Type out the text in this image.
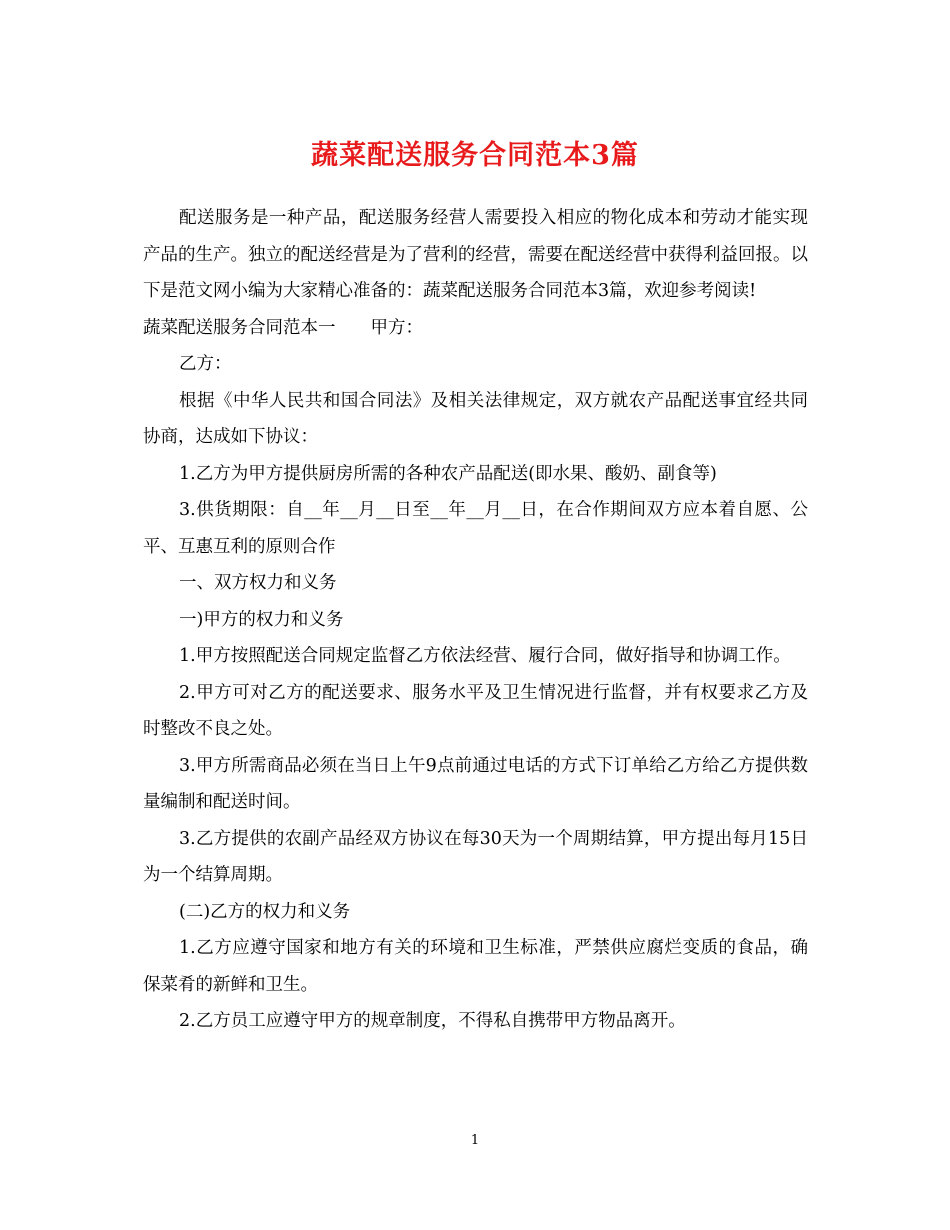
蔬菜配送服务合同范本3篇

配送服务是一种产品，配送服务经营人需要投入相应的物化成本和劳动才能实现产品的生产。独立的配送经营是为了营利的经营，需要在配送经营中获得利益回报。以下是范文网小编为大家精心准备的：蔬菜配送服务合同范本3篇，欢迎参考阅读!

蔬菜配送服务合同范本一　　甲方：

乙方：

根据《中华人民共和国合同法》及相关法律规定，双方就农产品配送事宜经共同协商，达成如下协议：

1.乙方为甲方提供厨房所需的各种农产品配送(即水果、酸奶、副食等)

3.供货期限：自__年__月__日至__年__月__日，在合作期间双方应本着自愿、公平、互惠互利的原则合作

一、双方权力和义务

一)甲方的权力和义务

1.甲方按照配送合同规定监督乙方依法经营、履行合同，做好指导和协调工作。

2.甲方可对乙方的配送要求、服务水平及卫生情况进行监督，并有权要求乙方及时整改不良之处。

3.甲方所需商品必须在当日上午9点前通过电话的方式下订单给乙方给乙方提供数量编制和配送时间。

3.乙方提供的农副产品经双方协议在每30天为一个周期结算，甲方提出每月15日为一个结算周期。

(二)乙方的权力和义务

1.乙方应遵守国家和地方有关的环境和卫生标准，严禁供应腐烂变质的食品，确保菜肴的新鲜和卫生。

2.乙方员工应遵守甲方的规章制度，不得私自携带甲方物品离开。

1
